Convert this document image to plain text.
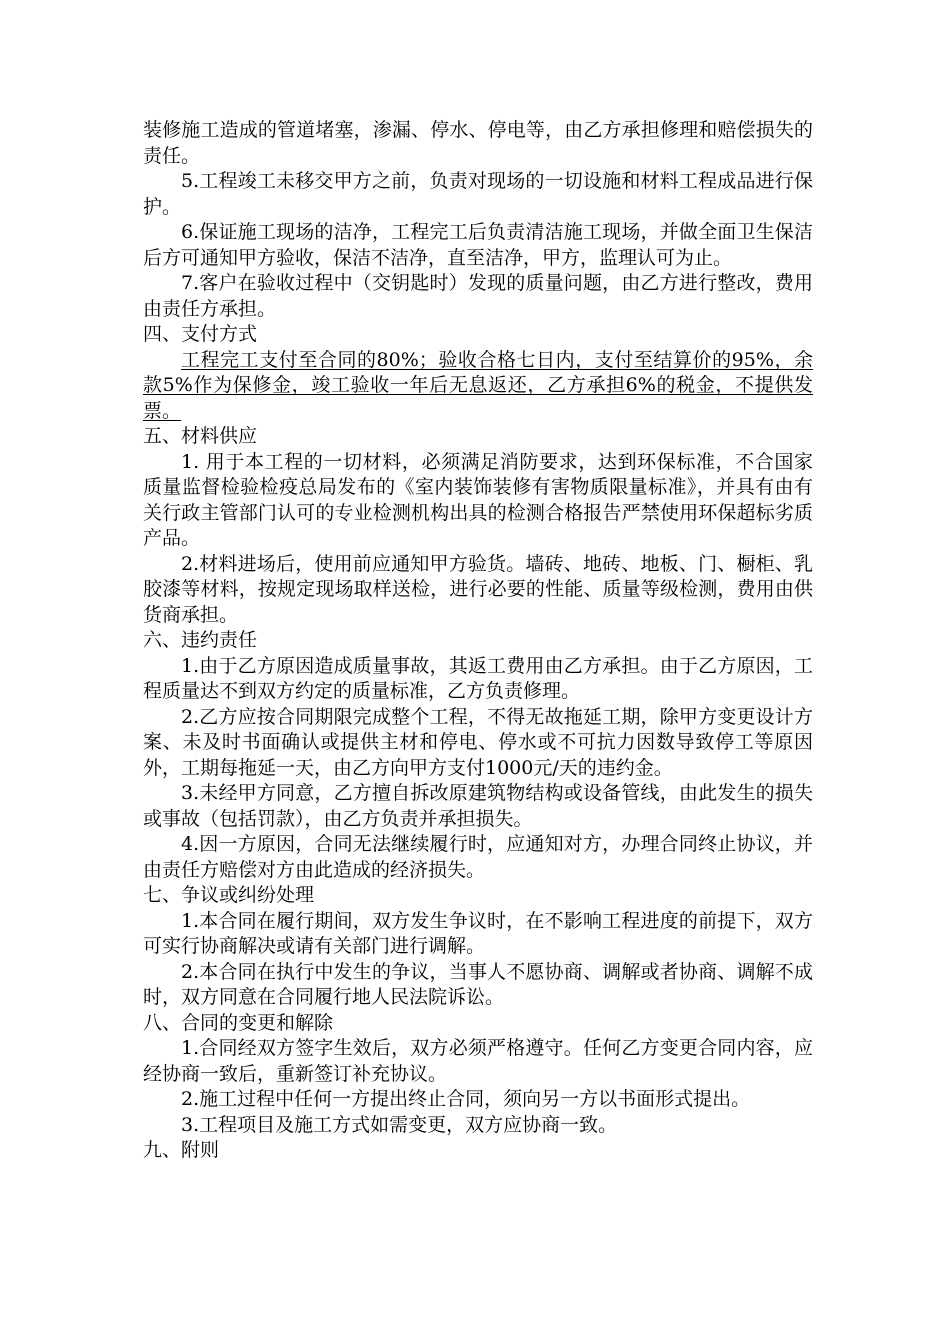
装修施工造成的管道堵塞，渗漏、停水、停电等，由乙方承担修理和赔偿损失的责任。

5.工程竣工未移交甲方之前，负责对现场的一切设施和材料工程成品进行保护。

6.保证施工现场的洁净，工程完工后负责清洁施工现场，并做全面卫生保洁后方可通知甲方验收，保洁不洁净，直至洁净，甲方，监理认可为止。

7.客户在验收过程中（交钥匙时）发现的质量问题，由乙方进行整改，费用由责任方承担。

四、支付方式

工程完工支付至合同的80%；验收合格七日内，支付至结算价的95%，余款5%作为保修金，竣工验收一年后无息返还，乙方承担6%的税金，不提供发票。

五、材料供应

1. 用于本工程的一切材料，必须满足消防要求，达到环保标准，不合国家质量监督检验检疫总局发布的《室内装饰装修有害物质限量标准》，并具有由有关行政主管部门认可的专业检测机构出具的检测合格报告严禁使用环保超标劣质产品。

2.材料进场后，使用前应通知甲方验货。墙砖、地砖、地板、门、橱柜、乳胶漆等材料，按规定现场取样送检，进行必要的性能、质量等级检测，费用由供货商承担。

六、违约责任

1.由于乙方原因造成质量事故，其返工费用由乙方承担。由于乙方原因，工程质量达不到双方约定的质量标准，乙方负责修理。

2.乙方应按合同期限完成整个工程，不得无故拖延工期，除甲方变更设计方案、未及时书面确认或提供主材和停电、停水或不可抗力因数导致停工等原因外，工期每拖延一天，由乙方向甲方支付1000元/天的违约金。

3.未经甲方同意，乙方擅自拆改原建筑物结构或设备管线，由此发生的损失或事故（包括罚款），由乙方负责并承担损失。

4.因一方原因，合同无法继续履行时，应通知对方，办理合同终止协议，并由责任方赔偿对方由此造成的经济损失。

七、争议或纠纷处理

1.本合同在履行期间，双方发生争议时，在不影响工程进度的前提下，双方可实行协商解决或请有关部门进行调解。

2.本合同在执行中发生的争议，当事人不愿协商、调解或者协商、调解不成时，双方同意在合同履行地人民法院诉讼。

八、合同的变更和解除

1.合同经双方签字生效后，双方必须严格遵守。任何乙方变更合同内容，应经协商一致后，重新签订补充协议。

2.施工过程中任何一方提出终止合同，须向另一方以书面形式提出。

3.工程项目及施工方式如需变更，双方应协商一致。

九、附则
